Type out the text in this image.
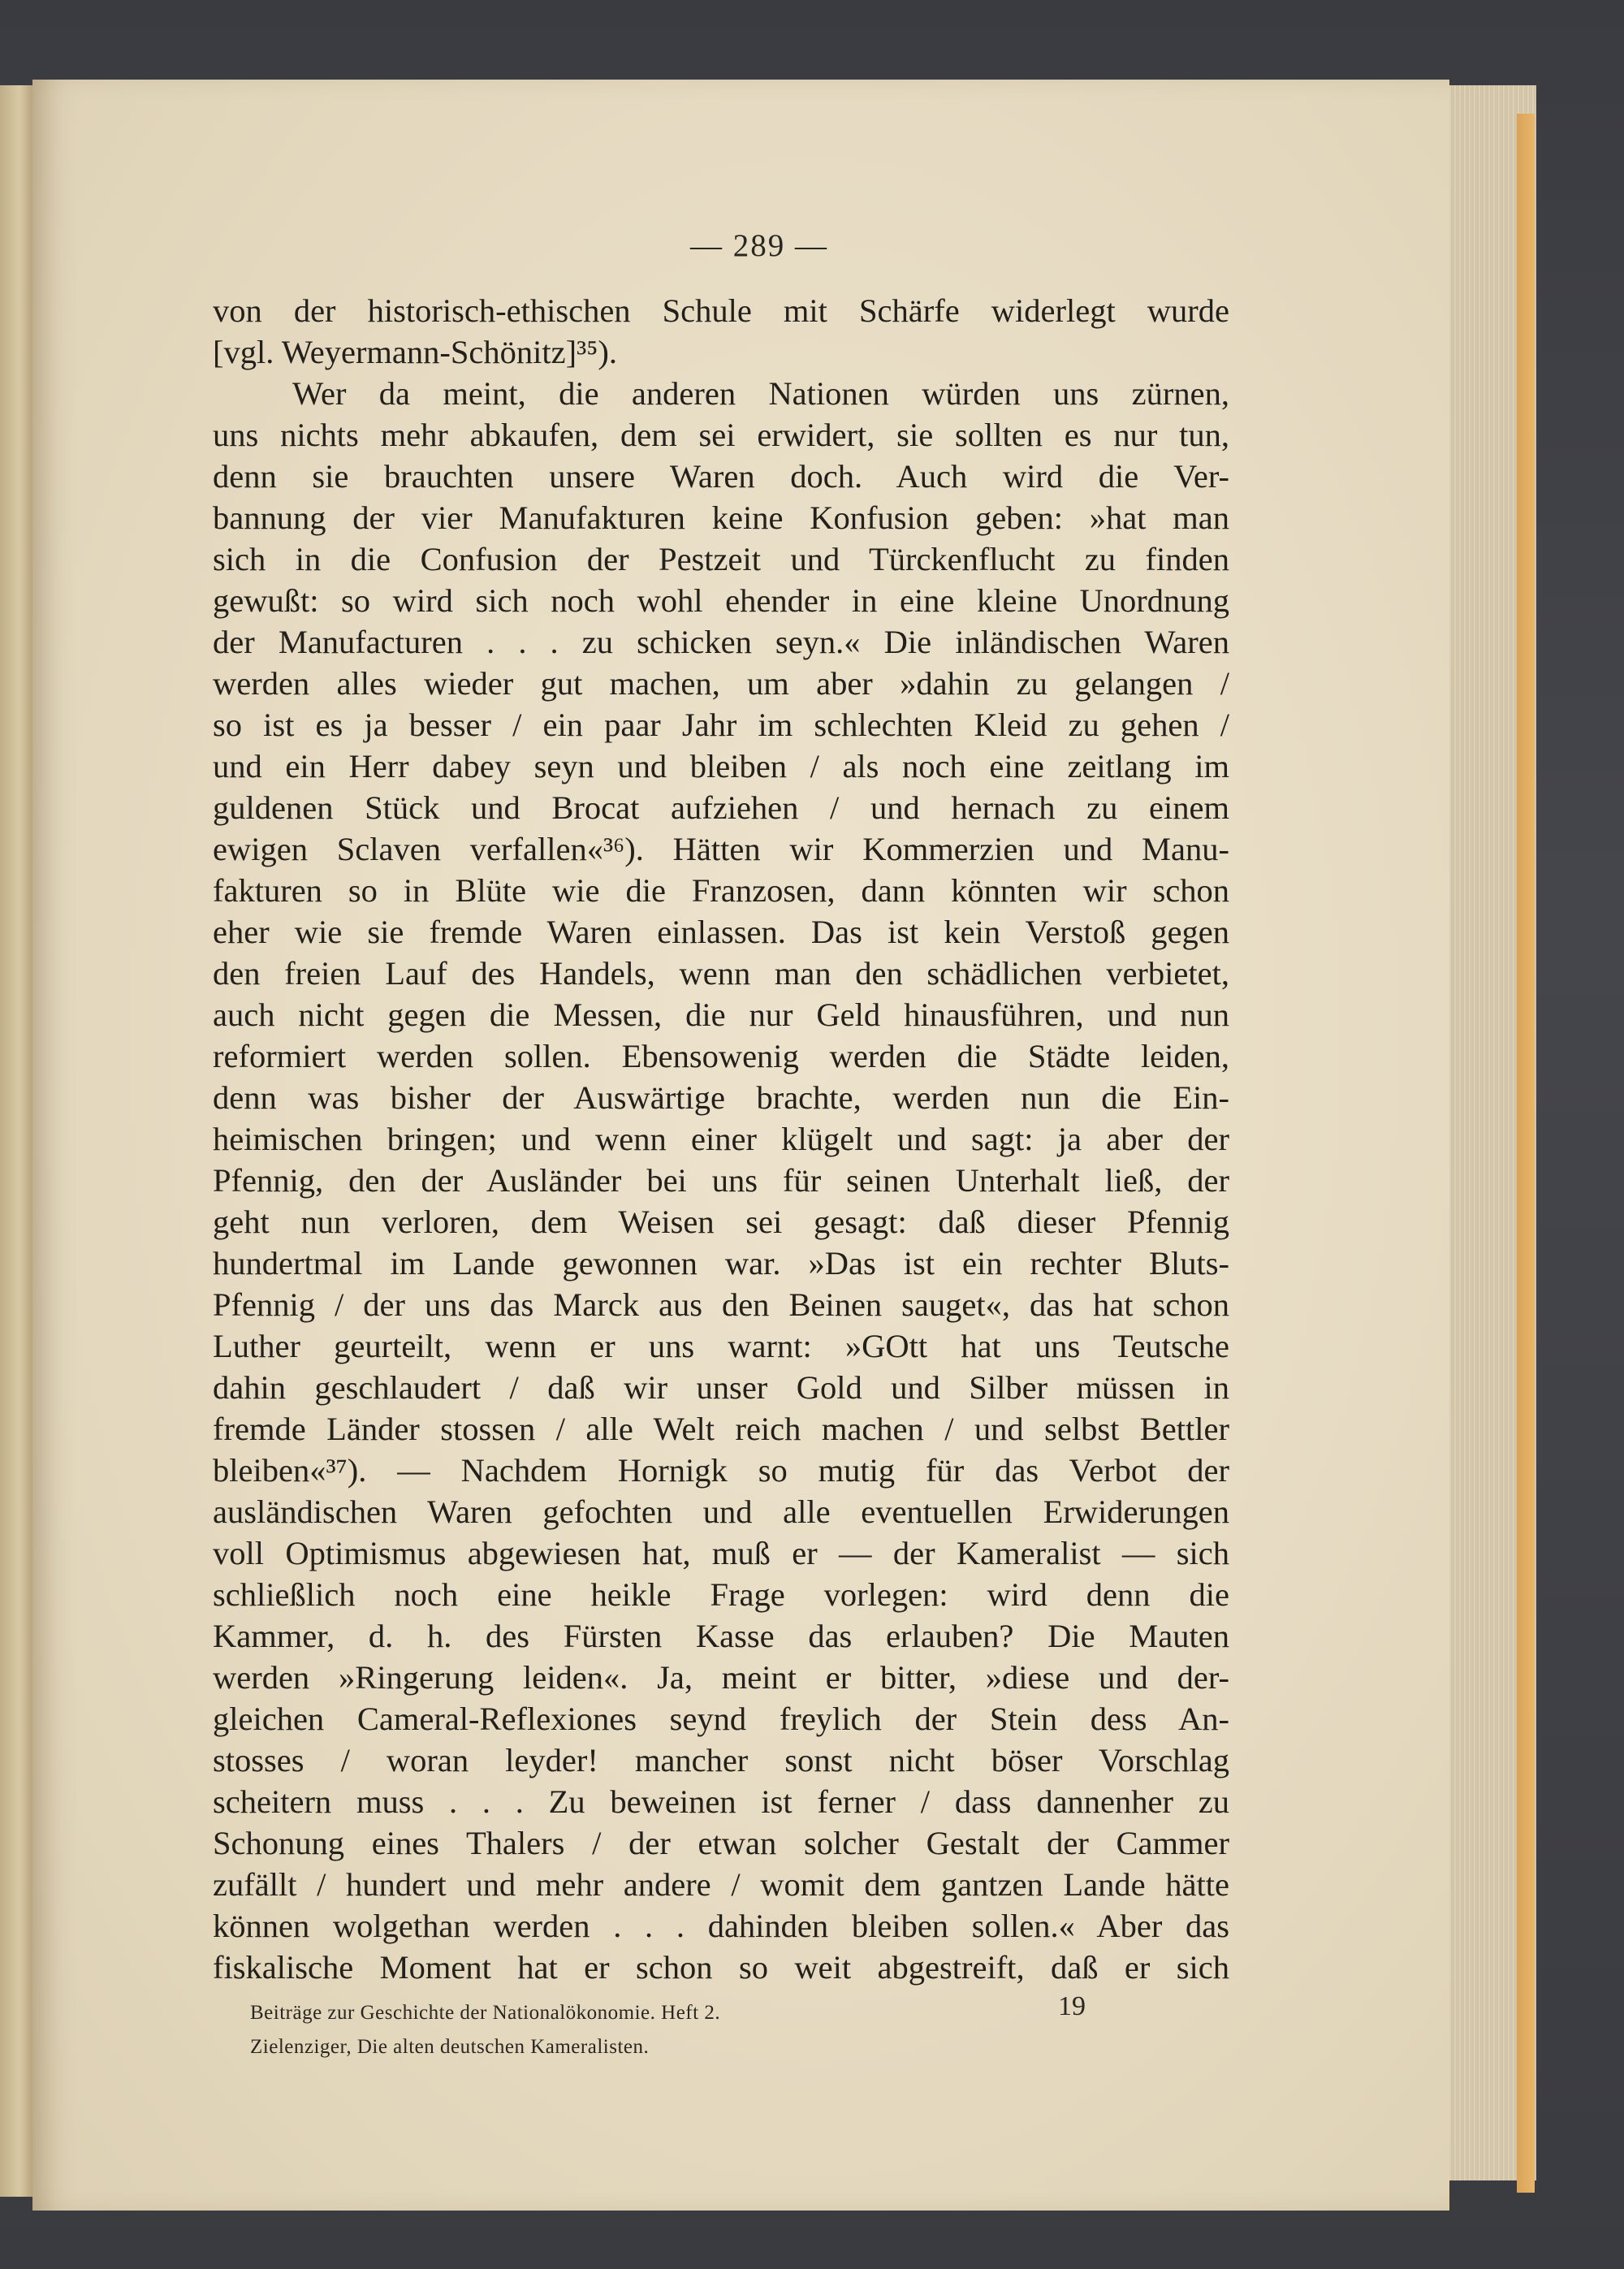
— 289 —
von der historisch-ethischen Schule mit Schärfe widerlegt wurde
[vgl. Weyermann-Schönitz]³⁵).
Wer da meint, die anderen Nationen würden uns zürnen,
uns nichts mehr abkaufen, dem sei erwidert, sie sollten es nur tun,
denn sie brauchten unsere Waren doch. Auch wird die Ver-
bannung der vier Manufakturen keine Konfusion geben: »hat man
sich in die Confusion der Pestzeit und Türckenflucht zu finden
gewußt: so wird sich noch wohl ehender in eine kleine Unordnung
der Manufacturen . . . zu schicken seyn.« Die inländischen Waren
werden alles wieder gut machen, um aber »dahin zu gelangen /
so ist es ja besser / ein paar Jahr im schlechten Kleid zu gehen /
und ein Herr dabey seyn und bleiben / als noch eine zeitlang im
guldenen Stück und Brocat aufziehen / und hernach zu einem
ewigen Sclaven verfallen«³⁶). Hätten wir Kommerzien und Manu-
fakturen so in Blüte wie die Franzosen, dann könnten wir schon
eher wie sie fremde Waren einlassen. Das ist kein Verstoß gegen
den freien Lauf des Handels, wenn man den schädlichen verbietet,
auch nicht gegen die Messen, die nur Geld hinausführen, und nun
reformiert werden sollen. Ebensowenig werden die Städte leiden,
denn was bisher der Auswärtige brachte, werden nun die Ein-
heimischen bringen; und wenn einer klügelt und sagt: ja aber der
Pfennig, den der Ausländer bei uns für seinen Unterhalt ließ, der
geht nun verloren, dem Weisen sei gesagt: daß dieser Pfennig
hundertmal im Lande gewonnen war. »Das ist ein rechter Bluts-
Pfennig / der uns das Marck aus den Beinen sauget«, das hat schon
Luther geurteilt, wenn er uns warnt: »GOtt hat uns Teutsche
dahin geschlaudert / daß wir unser Gold und Silber müssen in
fremde Länder stossen / alle Welt reich machen / und selbst Bettler
bleiben«³⁷). — Nachdem Hornigk so mutig für das Verbot der
ausländischen Waren gefochten und alle eventuellen Erwiderungen
voll Optimismus abgewiesen hat, muß er — der Kameralist — sich
schließlich noch eine heikle Frage vorlegen: wird denn die
Kammer, d. h. des Fürsten Kasse das erlauben? Die Mauten
werden »Ringerung leiden«. Ja, meint er bitter, »diese und der-
gleichen Cameral-Reflexiones seynd freylich der Stein dess An-
stosses / woran leyder! mancher sonst nicht böser Vorschlag
scheitern muss . . . Zu beweinen ist ferner / dass dannenher zu
Schonung eines Thalers / der etwan solcher Gestalt der Cammer
zufällt / hundert und mehr andere / womit dem gantzen Lande hätte
können wolgethan werden . . . dahinden bleiben sollen.« Aber das
fiskalische Moment hat er schon so weit abgestreift, daß er sich
Beiträge zur Geschichte der Nationalökonomie. Heft 2.
Zielenziger, Die alten deutschen Kameralisten.
19
